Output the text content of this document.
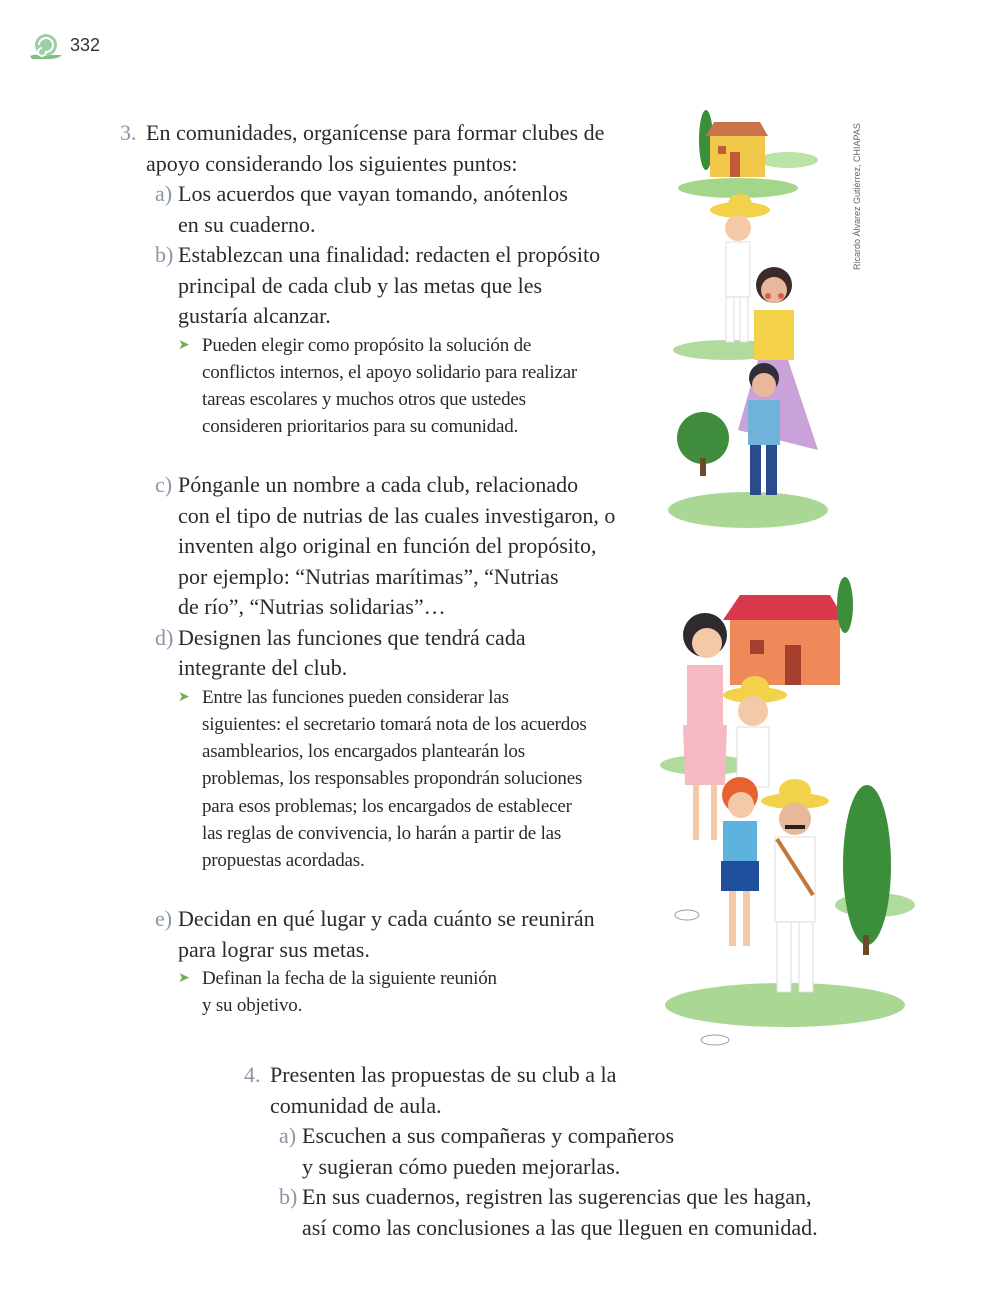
332
3. En comunidades, organícense para formar clubes de
apoyo considerando los siguientes puntos:
a) Los acuerdos que vayan tomando, anótenlos
en su cuaderno.
b) Establezcan una finalidad: redacten el propósito
principal de cada club y las metas que les
gustaría alcanzar.
➤ Pueden elegir como propósito la solución de
conflictos internos, el apoyo solidario para realizar
tareas escolares y muchos otros que ustedes
consideren prioritarios para su comunidad.
c) Pónganle un nombre a cada club, relacionado
con el tipo de nutrias de las cuales investigaron, o
inventen algo original en función del propósito,
por ejemplo: “Nutrias marítimas”, “Nutrias
de río”, “Nutrias solidarias”…
d) Designen las funciones que tendrá cada
integrante del club.
➤ Entre las funciones pueden considerar las
siguientes: el secretario tomará nota de los acuerdos
asamblearios, los encargados plantearán los
problemas, los responsables propondrán soluciones
para esos problemas; los encargados de establecer
las reglas de convivencia, lo harán a partir de las
propuestas acordadas.
e) Decidan en qué lugar y cada cuánto se reunirán
para lograr sus metas.
➤ Definan la fecha de la siguiente reunión
y su objetivo.
4. Presenten las propuestas de su club a la
comunidad de aula.
a) Escuchen a sus compañeras y compañeros
y sugieran cómo pueden mejorarlas.
b) En sus cuadernos, registren las sugerencias que les hagan,
así como las conclusiones a las que lleguen en comunidad.
Ricardo Álvarez Gutiérrez, CHIAPAS
